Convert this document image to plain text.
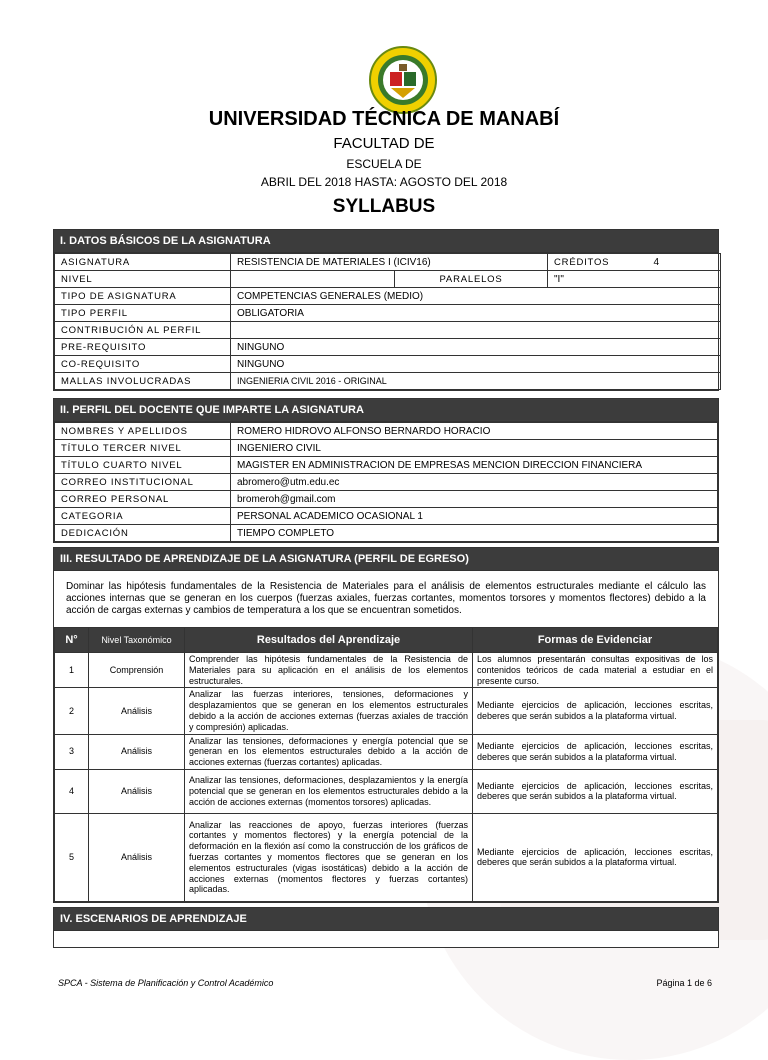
UNIVERSIDAD TÉCNICA DE MANABÍ
FACULTAD DE
ESCUELA DE
ABRIL DEL 2018 HASTA: AGOSTO DEL 2018
SYLLABUS
I. DATOS BÁSICOS DE LA ASIGNATURA
ASIGNATURA	RESISTENCIA DE MATERIALES I (ICIV16)		CRÉDITOS	4
NIVEL		PARALELOS	"I"	
TIPO DE ASIGNATURA	COMPETENCIAS GENERALES (MEDIO)			
TIPO PERFIL	OBLIGATORIA			
CONTRIBUCIÓN AL PERFIL				
PRE-REQUISITO	NINGUNO			
CO-REQUISITO	NINGUNO			
MALLAS INVOLUCRADAS	INGENIERIA CIVIL 2016 - ORIGINAL			
II. PERFIL DEL DOCENTE QUE IMPARTE LA ASIGNATURA
NOMBRES Y APELLIDOS	ROMERO HIDROVO ALFONSO BERNARDO HORACIO
TÍTULO TERCER NIVEL	INGENIERO CIVIL
TÍTULO CUARTO NIVEL	MAGISTER EN ADMINISTRACION DE EMPRESAS MENCION DIRECCION FINANCIERA
CORREO INSTITUCIONAL	abromero@utm.edu.ec
CORREO PERSONAL	bromeroh@gmail.com
CATEGORIA	PERSONAL ACADEMICO OCASIONAL 1
DEDICACIÓN	TIEMPO COMPLETO
III. RESULTADO DE APRENDIZAJE DE LA ASIGNATURA (PERFIL DE EGRESO)
Dominar las hipótesis fundamentales de la Resistencia de Materiales para el análisis de elementos estructurales mediante el cálculo las acciones internas que se generan en los cuerpos (fuerzas axiales, fuerzas cortantes, momentos torsores y momentos flectores) debido a la acción de cargas externas y cambios de temperatura a los que se encuentran sometidos.
N°	Nivel Taxonómico	Resultados del Aprendizaje	Formas de Evidenciar
1	Comprensión	Comprender las hipótesis fundamentales de la Resistencia de Materiales para su aplicación en el análisis de los elementos estructurales.	Los alumnos presentarán consultas expositivas de los contenidos teóricos de cada material a estudiar en el presente curso.
2	Análisis	Analizar las fuerzas interiores, tensiones, deformaciones y desplazamientos que se generan en los elementos estructurales debido a la acción de acciones externas (fuerzas axiales de tracción y compresión) aplicadas.	Mediante ejercicios de aplicación, lecciones escritas, deberes que serán subidos a la plataforma virtual.
3	Análisis	Analizar las tensiones, deformaciones y energía potencial que se generan en los elementos estructurales debido a la acción de acciones externas (fuerzas cortantes) aplicadas.	Mediante ejercicios de aplicación, lecciones escritas, deberes que serán subidos a la plataforma virtual.
4	Análisis	Analizar las tensiones, deformaciones, desplazamientos y la energía potencial que se generan en los elementos estructurales debido a la acción de acciones externas (momentos torsores) aplicadas.	Mediante ejercicios de aplicación, lecciones escritas, deberes que serán subidos a la plataforma virtual.
5	Análisis	Analizar las reacciones de apoyo, fuerzas interiores (fuerzas cortantes y momentos flectores) y la energía potencial de la deformación en la flexión así como la construcción de los gráficos de fuerzas cortantes y momentos flectores que se generan en los elementos estructurales (vigas isostáticas) debido a la acción de acciones externas (momentos flectores y fuerzas cortantes) aplicadas.	Mediante ejercicios de aplicación, lecciones escritas, deberes que serán subidos a la plataforma virtual.
IV. ESCENARIOS DE APRENDIZAJE
SPCA - Sistema de Planificación y Control Académico	Página 1 de 6
